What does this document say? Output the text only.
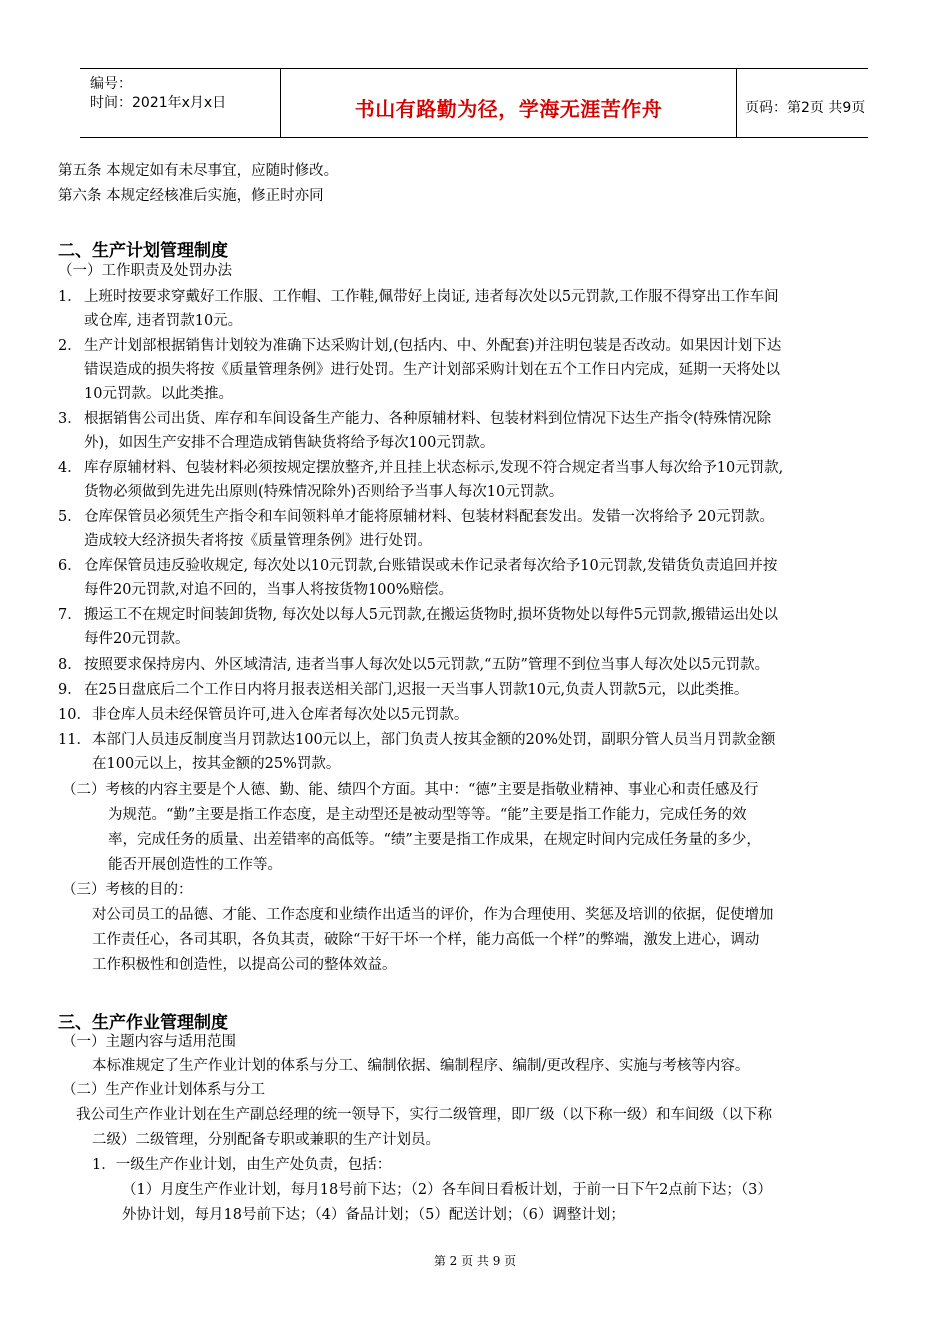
编号：
时间：2021年x月x日	书山有路勤为径，学海无涯苦作舟	页码：第2页 共9页
第五条 本规定如有未尽事宜，应随时修改。
第六条 本规定经核准后实施，修正时亦同
二、生产计划管理制度
（一）工作职责及处罚办法
1． 上班时按要求穿戴好工作服、工作帽、工作鞋,佩带好上岗证, 违者每次处以5元罚款,工作服不得穿出工作车间
或仓库, 违者罚款10元。
2． 生产计划部根据销售计划较为准确下达采购计划,(包括内、中、外配套)并注明包装是否改动。如果因计划下达
错误造成的损失将按《质量管理条例》进行处罚。生产计划部采购计划在五个工作日内完成，延期一天将处以
10元罚款。以此类推。
3． 根据销售公司出货、库存和车间设备生产能力、各种原辅材料、包装材料到位情况下达生产指令(特殊情况除
外)，如因生产安排不合理造成销售缺货将给予每次100元罚款。
4． 库存原辅材料、包装材料必须按规定摆放整齐,并且挂上状态标示,发现不符合规定者当事人每次给予10元罚款,
货物必须做到先进先出原则(特殊情况除外)否则给予当事人每次10元罚款。
5． 仓库保管员必须凭生产指令和车间领料单才能将原辅材料、包装材料配套发出。发错一次将给予 20元罚款。
造成较大经济损失者将按《质量管理条例》进行处罚。
6． 仓库保管员违反验收规定, 每次处以10元罚款,台账错误或未作记录者每次给予10元罚款,发错货负责追回并按
每件20元罚款,对追不回的，当事人将按货物100%赔偿。
7． 搬运工不在规定时间装卸货物, 每次处以每人5元罚款,在搬运货物时,损坏货物处以每件5元罚款,搬错运出处以
每件20元罚款。
8． 按照要求保持房内、外区域清洁, 违者当事人每次处以5元罚款,“五防”管理不到位当事人每次处以5元罚款。
9． 在25日盘底后二个工作日内将月报表送相关部门,迟报一天当事人罚款10元,负责人罚款5元，以此类推。
10． 非仓库人员未经保管员许可,进入仓库者每次处以5元罚款。
11． 本部门人员违反制度当月罚款达100元以上，部门负责人按其金额的20%处罚，副职分管人员当月罚款金额
在100元以上，按其金额的25%罚款。
（二）考核的内容主要是个人德、勤、能、绩四个方面。其中：“德”主要是指敬业精神、事业心和责任感及行
为规范。“勤”主要是指工作态度，是主动型还是被动型等等。“能”主要是指工作能力，完成任务的效
率，完成任务的质量、出差错率的高低等。“绩”主要是指工作成果，在规定时间内完成任务量的多少，
能否开展创造性的工作等。
（三）考核的目的：
对公司员工的品德、才能、工作态度和业绩作出适当的评价，作为合理使用、奖惩及培训的依据，促使增加
工作责任心，各司其职，各负其责，破除“干好干坏一个样，能力高低一个样”的弊端，激发上进心，调动
工作积极性和创造性，以提高公司的整体效益。
三、生产作业管理制度
（一）主题内容与适用范围
本标准规定了生产作业计划的体系与分工、编制依据、编制程序、编制/更改程序、实施与考核等内容。
（二）生产作业计划体系与分工
我公司生产作业计划在生产副总经理的统一领导下，实行二级管理，即厂级（以下称一级）和车间级（以下称
二级）二级管理，分别配备专职或兼职的生产计划员。
1．一级生产作业计划，由生产处负责，包括：
（1）月度生产作业计划，每月18号前下达；（2）各车间日看板计划，于前一日下午2点前下达；（3）
外协计划，每月18号前下达；（4）备品计划；（5）配送计划；（6）调整计划；
第 2 页 共 9 页
